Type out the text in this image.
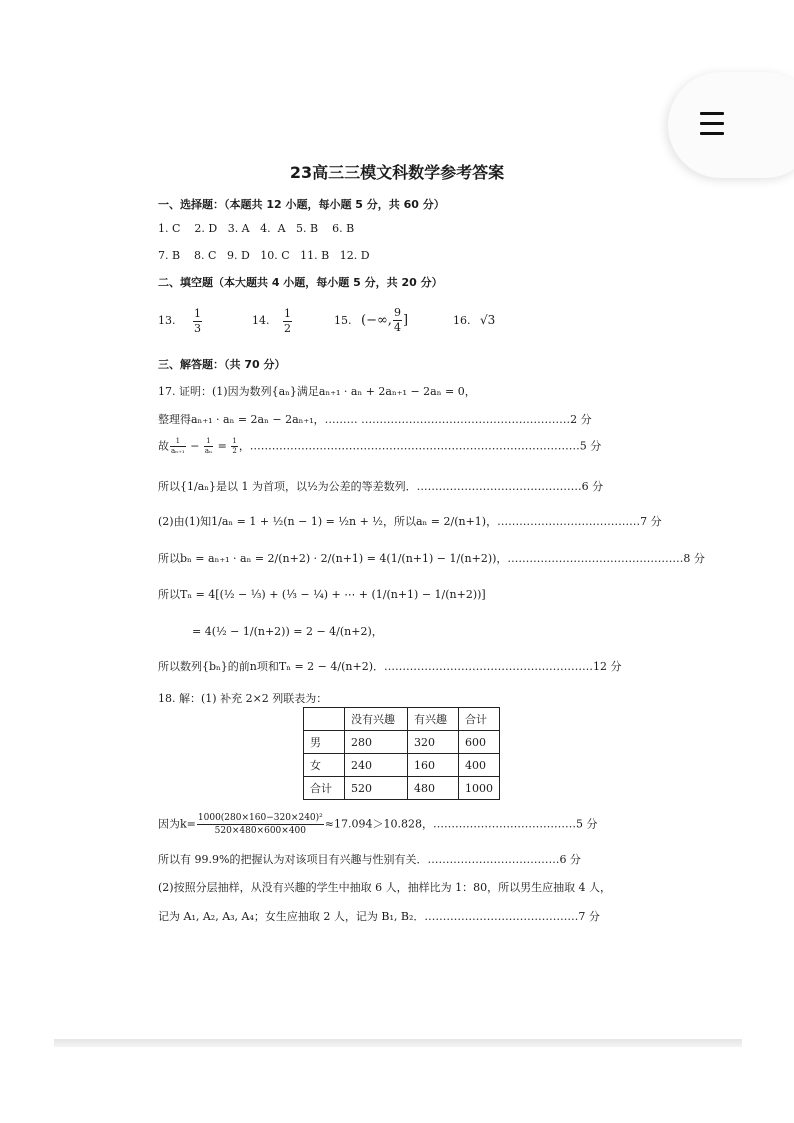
23高三三模文科数学参考答案
一、选择题：（本题共 12 小题，每小题 5 分，共 60 分）
1. C    2. D   3. A   4.  A   5. B    6. B
7. B    8. C   9. D   10. C   11. B   12. D
二、填空题（本大题共 4 小题，每小题 5 分，共 20 分）
13. $\frac{1}{3}$	14. $\frac{1}{2}$	15. (−∞, $\frac{9}{4}$ ]	16. √3
三、解答题：（共 70 分）
17. 证明：(1)因为数列{aₙ}满足aₙ₊₁ · aₙ + 2aₙ₊₁ − 2aₙ = 0，
整理得aₙ₊₁ · aₙ = 2aₙ − 2aₙ₊₁，……… …………………………………………………2 分
故 $\frac{1}{\text{aₙ₊₁}} - \frac{1}{\text{aₙ}} = \frac{1}{2}$ ，………………………………………………………………………………5 分
所以{1/aₙ}是以 1 为首项，以½为公差的等差数列．………………………………………6 分
(2)由(1)知1/aₙ = 1 + ½(n − 1) = ½n + ½，所以aₙ = 2/(n+1)，…………………………………7 分
所以bₙ = aₙ₊₁ · aₙ = 2/(n+2) · 2/(n+1) = 4(1/(n+1) − 1/(n+2))，…………………………………………8 分
所以Tₙ = 4[(½ − ⅓) + (⅓ − ¼) + ⋯ + (1/(n+1) − 1/(n+2))]
= 4(½ − 1/(n+2)) = 2 − 4/(n+2)，
所以数列{bₙ}的前n项和Tₙ = 2 − 4/(n+2)．…………………………………………………12 分
18. 解：(1) 补充 2×2 列联表为：
	没有兴趣	有兴趣	合计
男	280	320	600
女	240	160	400
合计	520	480	1000
因为$k= \frac{\text{1000(280×160−320×240)²}}{520\times 480\times 600\times 400} \approx 17.094>10.828$，…………………………………5 分
所以有 99.9%的把握认为对该项目有兴趣与性别有关．………………………………6 分
(2)按照分层抽样，从没有兴趣的学生中抽取 6 人，抽样比为 1：80，所以男生应抽取 4 人，
记为 A₁, A₂, A₃, A₄；女生应抽取 2 人，记为 B₁, B₂．……………………………………7 分
